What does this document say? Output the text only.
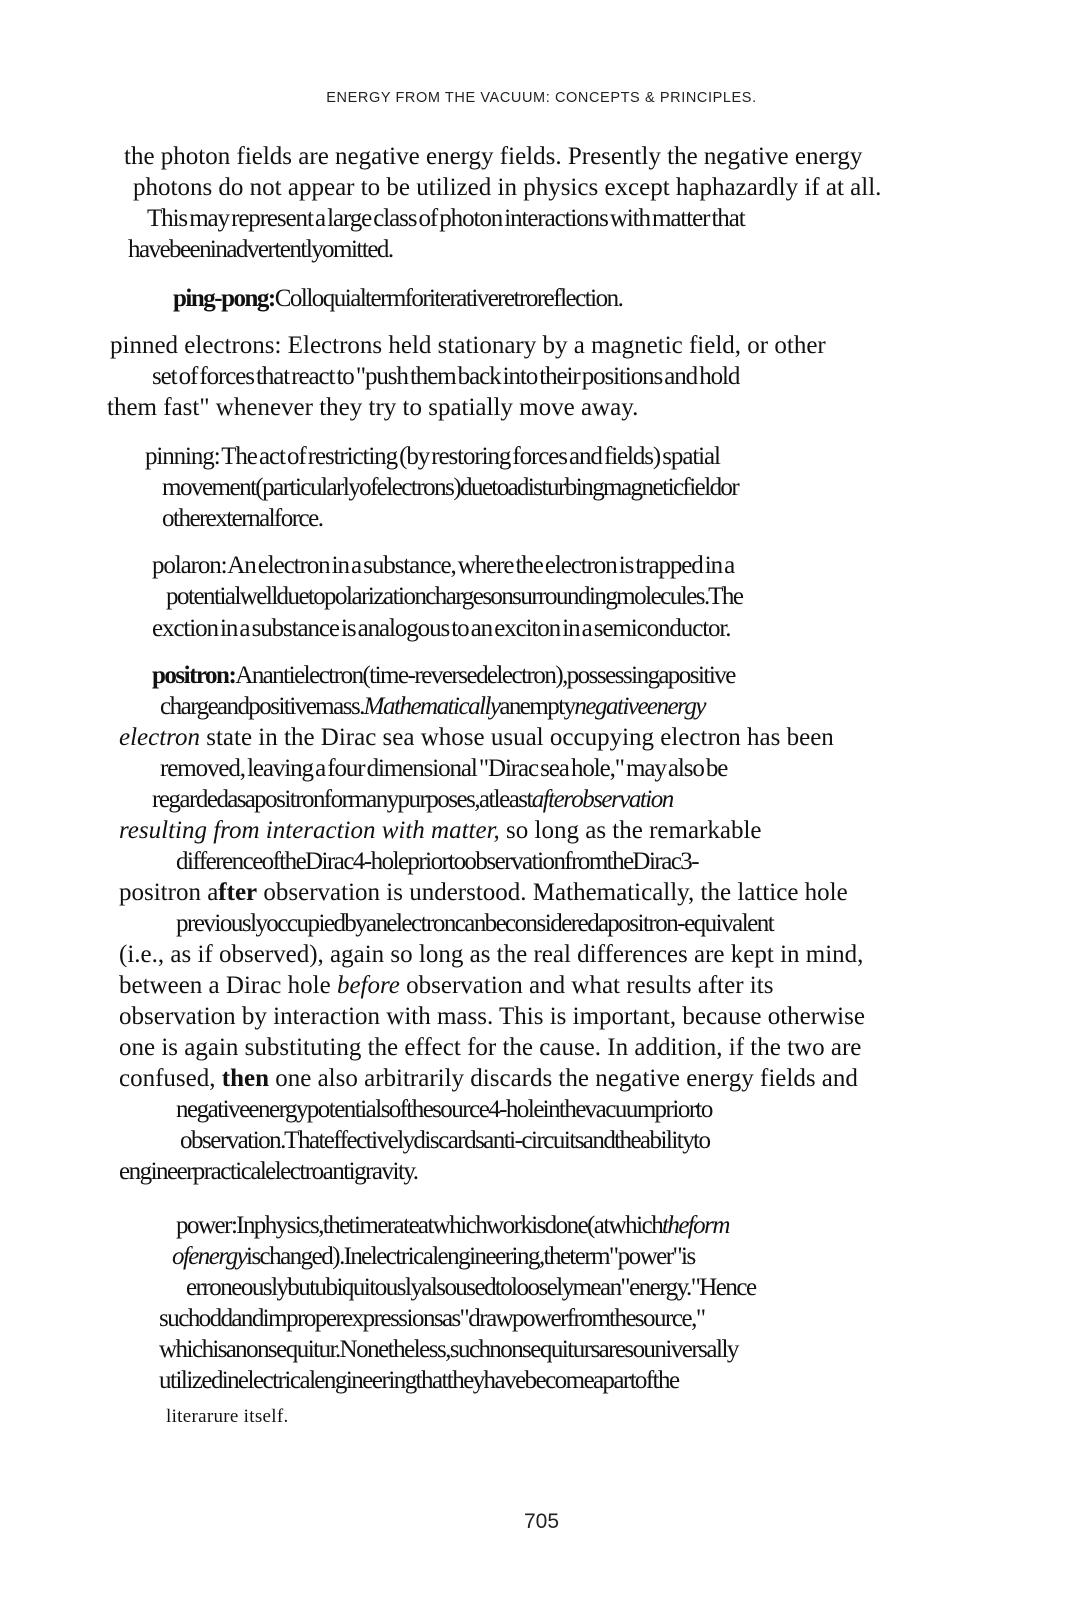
ENERGY FROM THE VACUUM: CONCEPTS & PRINCIPLES.
the photon fields are negative energy fields. Presently the negative energy
photons do not appear to be utilized in physics except haphazardly if at all.
This may represent a large class of photon interactions with matter that
have been inadvertently omitted.
ping-pong:Colloquial term for iterative retroreflection.
pinned electrons: Electrons held stationary by a magnetic field, or other
set of forces that react to "push them back into their positions and hold
them fast" whenever they try to spatially move away.
pinning: The act of restricting (by restoring forces and fields) spatial
movement (particularly of electrons) due to a disturbing magnetic field or
other external force.
polaron: An electron in a substance, where the electron is trapped in a
potential well due to polarization charges on surrounding molecules. The
exction in a substance is analogous to an exciton in a semiconductor.
positron:An antielectron (time-reversed electron), possessing a positive
charge and positive mass. Mathematically an empty negative energy
electron state in the Dirac sea whose usual occupying electron has been
removed, leaving a four dimensional "Dirac sea hole," may also be
regarded as a positron for many purposes, at least after observation
resulting from interaction with matter, so long as the remarkable
difference of the Dirac 4-hole prior to observation from the Dirac 3-
positron after observation is understood. Mathematically, the lattice hole
previously occupied by an electron can be considered a positron-equivalent
(i.e., as if observed), again so long as the real differences are kept in mind,
between a Dirac hole before observation and what results after its
observation by interaction with mass. This is important, because otherwise
one is again substituting the effect for the cause. In addition, if the two are
confused, then one also arbitrarily discards the negative energy fields and
negative energy potentials of the source 4-hole in the vacuum prior to
observation. That effectively discards anti-circuits and the ability to
engineer practical electroantigravity.
power: In physics, the time rate at which work is done (at which the form
of energy is changed). In electrical engineering, the term "power" is
erroneously but ubiquitously also used to loosely mean "energy." Hence
such odd and improper expressions as "draw power from the source,"
which is a non sequitur. Nonetheless, such non sequiturs are so universally
utilized in electrical engineering that they have become a part of the
literarure itself.
705
